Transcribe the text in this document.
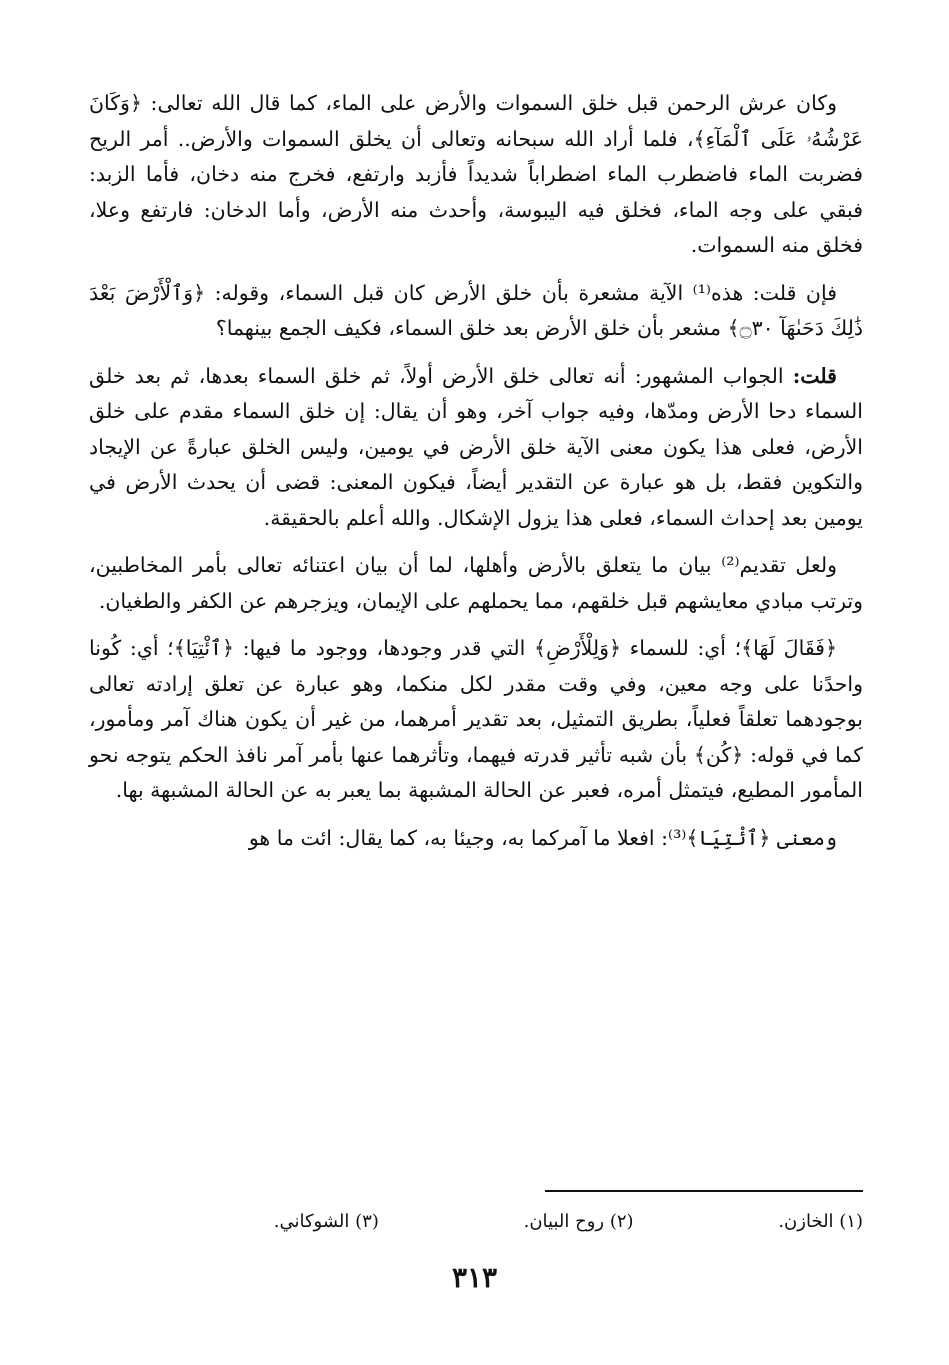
وكان عرش الرحمن قبل خلق السموات والأرض على الماء، كما قال الله تعالى: ﴿وَكَانَ عَرْشُهُۥ عَلَى ٱلْمَآءِ﴾، فلما أراد الله سبحانه وتعالى أن يخلق السموات والأرض.. أمر الريح فضربت الماء فاضطرب الماء اضطراباً شديداً فأزبد وارتفع، فخرج منه دخان، فأما الزبد: فبقي على وجه الماء، فخلق فيه اليبوسة، وأحدث منه الأرض، وأما الدخان: فارتفع وعلا، فخلق منه السموات.

فإن قلت: هذه⁽¹⁾ الآية مشعرة بأن خلق الأرض كان قبل السماء، وقوله: ﴿وَٱلْأَرْضَ بَعْدَ ذَٰلِكَ دَحَىٰهَآ ۝٣٠﴾ مشعر بأن خلق الأرض بعد خلق السماء، فكيف الجمع بينهما؟

قلت: الجواب المشهور: أنه تعالى خلق الأرض أولاً، ثم خلق السماء بعدها، ثم بعد خلق السماء دحا الأرض ومدّها، وفيه جواب آخر، وهو أن يقال: إن خلق السماء مقدم على خلق الأرض، فعلى هذا يكون معنى الآية خلق الأرض في يومين، وليس الخلق عبارةً عن الإيجاد والتكوين فقط، بل هو عبارة عن التقدير أيضاً، فيكون المعنى: قضى أن يحدث الأرض في يومين بعد إحداث السماء، فعلى هذا يزول الإشكال. والله أعلم بالحقيقة.

ولعل تقديم⁽²⁾ بيان ما يتعلق بالأرض وأهلها، لما أن بيان اعتنائه تعالى بأمر المخاطبين، وترتب مبادي معايشهم قبل خلقهم، مما يحملهم على الإيمان، ويزجرهم عن الكفر والطغيان.

﴿فَقَالَ لَهَا﴾؛ أي: للسماء ﴿وَلِلْأَرْضِ﴾ التي قدر وجودها، ووجود ما فيها: ﴿ٱئْتِيَا﴾؛ أي: كُونا واحدًنا على وجه معين، وفي وقت مقدر لكل منكما، وهو عبارة عن تعلق إرادته تعالى بوجودهما تعلقاً فعلياً، بطريق التمثيل، بعد تقدير أمرهما، من غير أن يكون هناك آمر ومأمور، كما في قوله: ﴿كُن﴾ بأن شبه تأثير قدرته فيهما، وتأثرهما عنها بأمر آمر نافذ الحكم يتوجه نحو المأمور المطيع، فيتمثل أمره، فعبر عن الحالة المشبهة بما يعبر به عن الحالة المشبهة بها.

ومعنى ﴿ٱئْتِيَا﴾⁽³⁾: افعلا ما آمركما به، وجيئا به، كما يقال: ائت ما هو

(١) الخازن.
(٢) روح البيان.
(٣) الشوكاني.
٣١٣
